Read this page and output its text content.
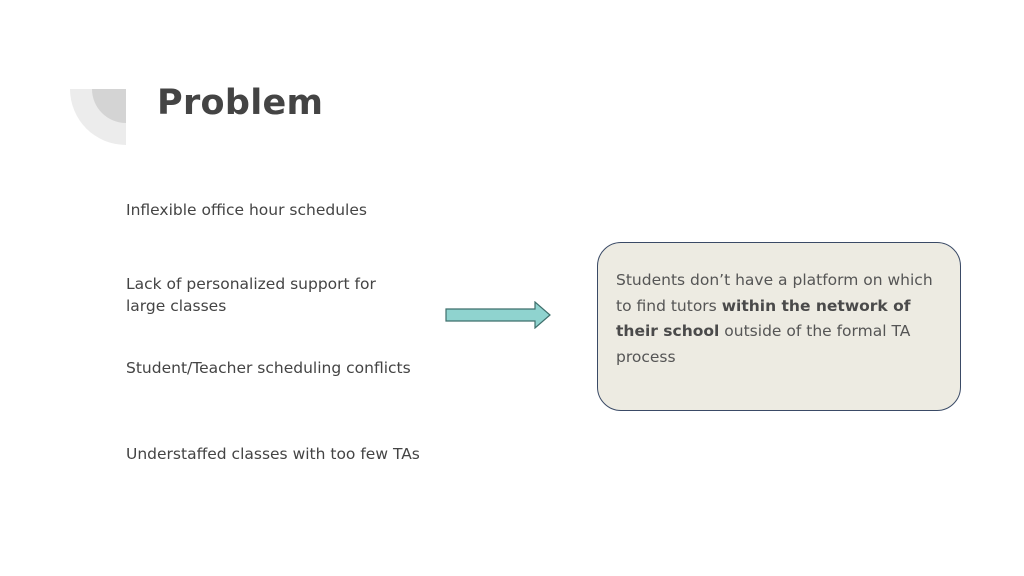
Problem

Inflexible office hour schedules

Lack of personalized support for large classes

Student/Teacher scheduling conflicts

Understaffed classes with too few TAs

Students don’t have a platform on which to find tutors within the network of their school outside of the formal TA process
